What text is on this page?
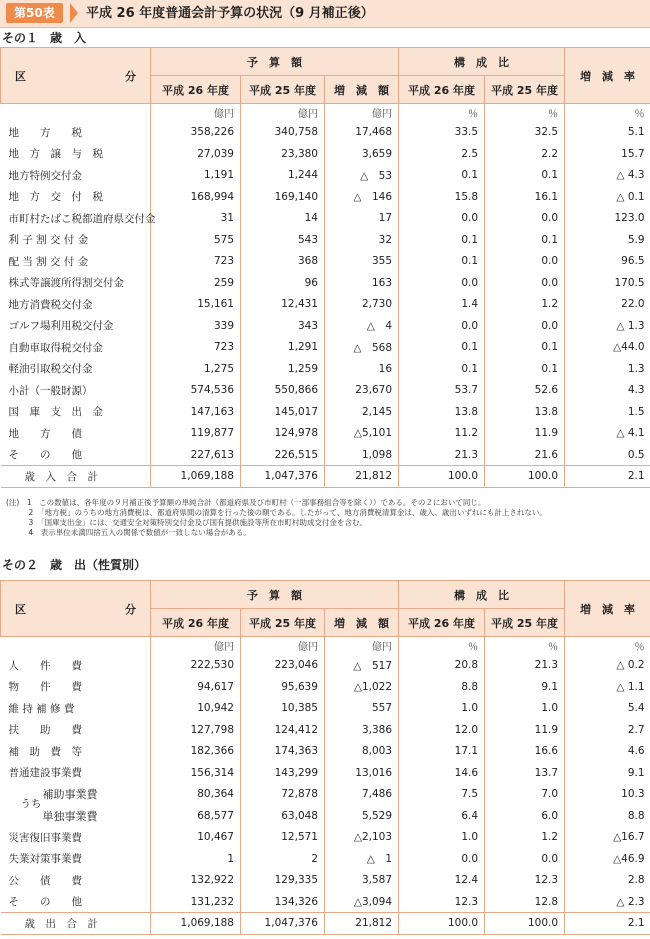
第50表	平成 26 年度普通会計予算の状況（9 月補正後）
その１　歳　入
区　　　　　　　　　分	予　算　額			構　成　比		増　減　率
	平成 26 年度	平成 25 年度	増　減　額	平成 26 年度	平成 25 年度	
	億円	億円	億円	％	％	％
地　　方　　税	358,226	340,758	17,468	33.5	32.5	5.1
地　方　譲　与　税	27,039	23,380	3,659	2.5	2.2	15.7
地方特例交付金	1,191	1,244	△　53	0.1	0.1	△ 4.3
地　方　交　付　税	168,994	169,140	△　146	15.8	16.1	△ 0.1
市町村たばこ税都道府県交付金	31	14	17	0.0	0.0	123.0
利 子 割 交 付 金	575	543	32	0.1	0.1	5.9
配 当 割 交 付 金	723	368	355	0.1	0.0	96.5
株式等譲渡所得割交付金	259	96	163	0.0	0.0	170.5
地方消費税交付金	15,161	12,431	2,730	1.4	1.2	22.0
ゴルフ場利用税交付金	339	343	△　4	0.0	0.0	△ 1.3
自動車取得税交付金	723	1,291	△　568	0.1	0.1	△44.0
軽油引取税交付金	1,275	1,259	16	0.1	0.1	1.3
小計（一般財源）	574,536	550,866	23,670	53.7	52.6	4.3
国　庫　支　出　金	147,163	145,017	2,145	13.8	13.8	1.5
地　　方　　債	119,877	124,978	△5,101	11.2	11.9	△ 4.1
そ　　の　　他	227,613	226,515	1,098	21.3	21.6	0.5
歳　入　合　計	1,069,188	1,047,376	21,812	100.0	100.0	2.1
(注)　1　この数値は、各年度の９月補正後予算額の単純合計（都道府県及び市町村（一部事務組合等を除く））である。その２において同じ。
　　　2　「地方税」のうちの地方消費税は、都道府県間の清算を行った後の額である。したがって、地方消費税清算金は、歳入、歳出いずれにも計上されない。
　　　3　「国庫支出金」には、交通安全対策特別交付金及び国有提供施設等所在市町村助成交付金を含む。
　　　4　表示単位未満四捨五入の関係で数値が一致しない場合がある。
その２　歳　出（性質別）
区　　　　　　　　　分	予　算　額			構　成　比		増　減　率
	平成 26 年度	平成 25 年度	増　減　額	平成 26 年度	平成 25 年度	
	億円	億円	億円	％	％	％
人　　件　　費	222,530	223,046	△　517	20.8	21.3	△ 0.2
物　　件　　費	94,617	95,639	△1,022	8.8	9.1	△ 1.1
維 持 補 修 費	10,942	10,385	557	1.0	1.0	5.4
扶　　助　　費	127,798	124,412	3,386	12.0	11.9	2.7
補　助　費　等	182,366	174,363	8,003	17.1	16.6	4.6
普通建設事業費	156,314	143,299	13,016	14.6	13.7	9.1

うち
補助事業費	80,364	72,878	7,486	7.5	7.0	10.3
単独事業費	68,577	63,048	5,529	6.4	6.0	8.8
災害復旧事業費	10,467	12,571	△2,103	1.0	1.2	△16.7
失業対策事業費	1	2	△　1	0.0	0.0	△46.9
公　　債　　費	132,922	129,335	3,587	12.4	12.3	2.8
そ　　の　　他	131,232	134,326	△3,094	12.3	12.8	△ 2.3
歳　出　合　計	1,069,188	1,047,376	21,812	100.0	100.0	2.1
